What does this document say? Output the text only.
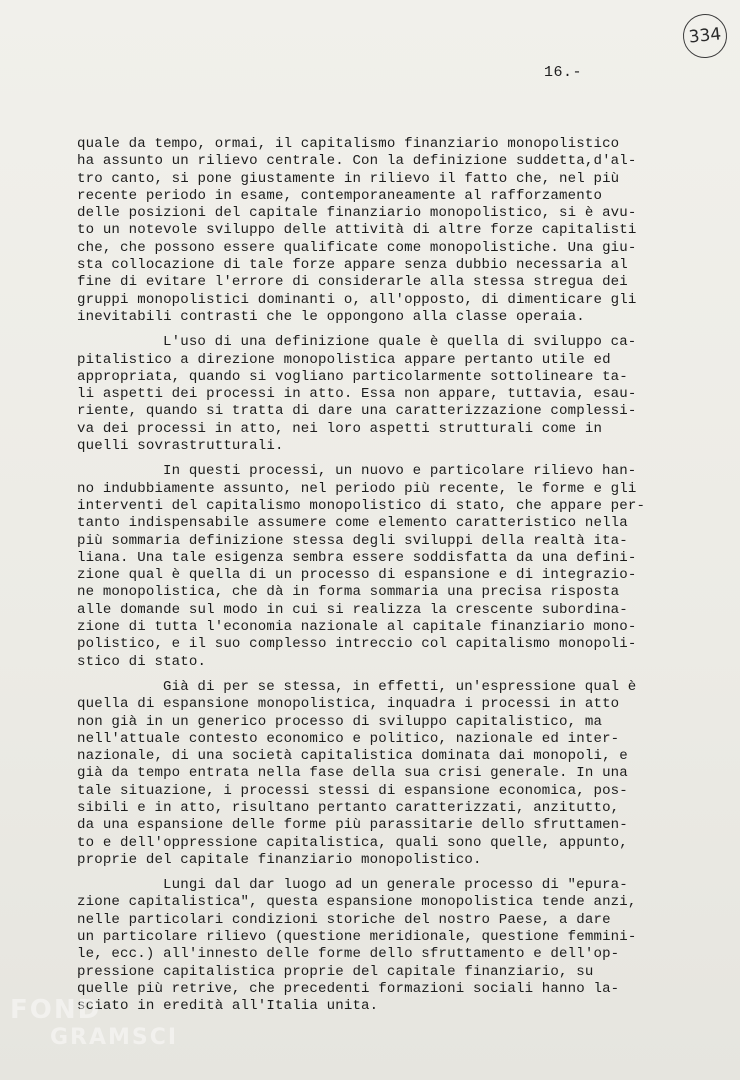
334
16.-

quale da tempo, ormai, il capitalismo finanziario monopolistico
ha assunto un rilievo centrale. Con la definizione suddetta,d'al-
tro canto, si pone giustamente in rilievo il fatto che, nel più
recente periodo in esame, contemporaneamente al rafforzamento
delle posizioni del capitale finanziario monopolistico, si è avu-
to un notevole sviluppo delle attività di altre forze capitalisti
che, che possono essere qualificate come monopolistiche. Una giu-
sta collocazione di tale forze appare senza dubbio necessaria al
fine di evitare l'errore di considerarle alla stessa stregua dei
gruppi monopolistici dominanti o, all'opposto, di dimenticare gli
inevitabili contrasti che le oppongono alla classe operaia.

L'uso di una definizione quale è quella di sviluppo ca-
pitalistico a direzione monopolistica appare pertanto utile ed
appropriata, quando si vogliano particolarmente sottolineare ta-
li aspetti dei processi in atto. Essa non appare, tuttavia, esau-
riente, quando si tratta di dare una caratterizzazione complessi-
va dei processi in atto, nei loro aspetti strutturali come in
quelli sovrastrutturali.

In questi processi, un nuovo e particolare rilievo han-
no indubbiamente assunto, nel periodo più recente, le forme e gli
interventi del capitalismo monopolistico di stato, che appare per-
tanto indispensabile assumere come elemento caratteristico nella
più sommaria definizione stessa degli sviluppi della realtà ita-
liana. Una tale esigenza sembra essere soddisfatta da una defini-
zione qual è quella di un processo di espansione e di integrazio-
ne monopolistica, che dà in forma sommaria una precisa risposta
alle domande sul modo in cui si realizza la crescente subordina-
zione di tutta l'economia nazionale al capitale finanziario mono-
polistico, e il suo complesso intreccio col capitalismo monopoli-
stico di stato.

Già di per se stessa, in effetti, un'espressione qual è
quella di espansione monopolistica, inquadra i processi in atto
non già in un generico processo di sviluppo capitalistico, ma
nell'attuale contesto economico e politico, nazionale ed inter-
nazionale, di una società capitalistica dominata dai monopoli, e
già da tempo entrata nella fase della sua crisi generale. In una
tale situazione, i processi stessi di espansione economica, pos-
sibili e in atto, risultano pertanto caratterizzati, anzitutto,
da una espansione delle forme più parassitarie dello sfruttamen-
to e dell'oppressione capitalistica, quali sono quelle, appunto,
proprie del capitale finanziario monopolistico.

Lungi dal dar luogo ad un generale processo di "epura-
zione capitalistica", questa espansione monopolistica tende anzi,
nelle particolari condizioni storiche del nostro Paese, a dare
un particolare rilievo (questione meridionale, questione femmini-
le, ecc.) all'innesto delle forme dello sfruttamento e dell'op-
pressione capitalistica proprie del capitale finanziario, su
quelle più retrive, che precedenti formazioni sociali hanno la-
sciato in eredità all'Italia unita.

FOND
GRAMSCI
